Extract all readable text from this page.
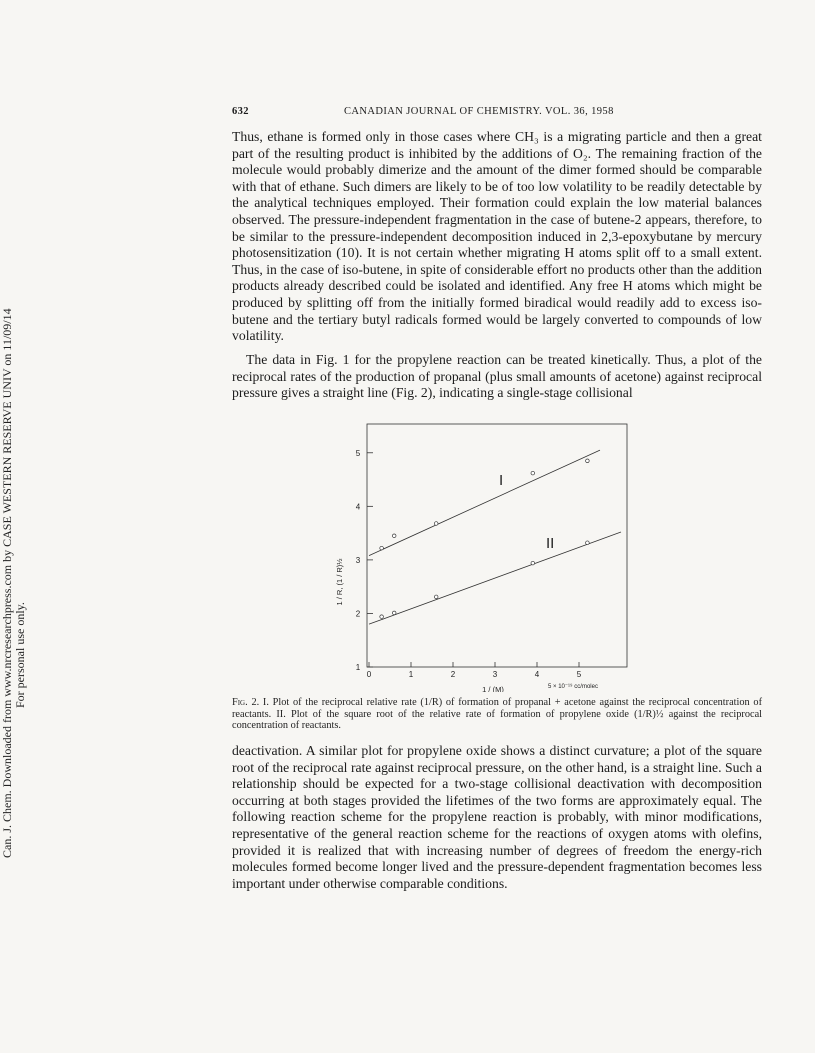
Can. J. Chem. Downloaded from www.nrcresearchpress.com by CASE WESTERN RESERVE UNIV on 11/09/14 For personal use only.
632	CANADIAN JOURNAL OF CHEMISTRY. VOL. 36, 1958

Thus, ethane is formed only in those cases where CH₃ is a migrating particle and then a great part of the resulting product is inhibited by the additions of O₂. The remaining fraction of the molecule would probably dimerize and the amount of the dimer formed should be comparable with that of ethane. Such dimers are likely to be of too low volatility to be readily detectable by the analytical techniques employed. Their formation could explain the low material balances observed. The pressure-independent fragmentation in the case of butene-2 appears, therefore, to be similar to the pressure-independent decomposition induced in 2,3-epoxybutane by mercury photosensitization (10). It is not certain whether migrating H atoms split off to a small extent. Thus, in the case of iso-butene, in spite of considerable effort no products other than the addition products already described could be isolated and identified. Any free H atoms which might be produced by splitting off from the initially formed biradical would readily add to excess iso-butene and the tertiary butyl radicals formed would be largely converted to compounds of low volatility.

The data in Fig. 1 for the propylene reaction can be treated kinetically. Thus, a plot of the reciprocal rates of the production of propanal (plus small amounts of acetone) against reciprocal pressure gives a straight line (Fig. 2), indicating a single-stage collisional

1
2
3
4
5
0	1	2	3	4	5
1 / (M)	5 × 10⁻¹⁹ cc/molec
1 / R, (1 / R)½
I
II

Fig. 2. I. Plot of the reciprocal relative rate (1/R) of formation of propanal + acetone against the reciprocal concentration of reactants. II. Plot of the square root of the relative rate of formation of propylene oxide (1/R)½ against the reciprocal concentration of reactants.

deactivation. A similar plot for propylene oxide shows a distinct curvature; a plot of the square root of the reciprocal rate against reciprocal pressure, on the other hand, is a straight line. Such a relationship should be expected for a two-stage collisional deactivation with decomposition occurring at both stages provided the lifetimes of the two forms are approximately equal. The following reaction scheme for the propylene reaction is probably, with minor modifications, representative of the general reaction scheme for the reactions of oxygen atoms with olefins, provided it is realized that with increasing number of degrees of freedom the energy-rich molecules formed become longer lived and the pressure-dependent fragmentation becomes less important under otherwise comparable conditions.
